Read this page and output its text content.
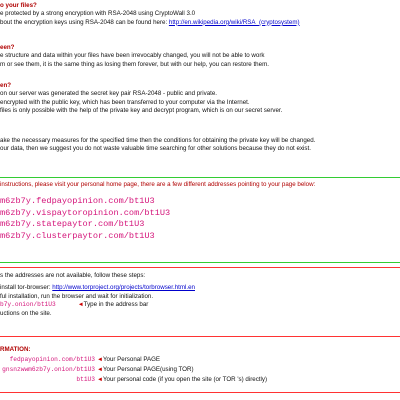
o your files?
e protected by a strong encryption with RSA-2048 using CryptoWall 3.0
bout the encryption keys using RSA-2048 can be found here: http://en.wikipedia.org/wiki/RSA_(cryptosystem)
een?
e structure and data within your files have been irrevocably changed, you will not be able to work
m or see them, it is the same thing as losing them forever, but with our help, you can restore them.
en?
on our server was generated the secret key pair RSA-2048 - public and private.
encrypted with the public key, which has been transferred to your computer via the Internet.
files is only possible with the help of the private key and decrypt program, which is on our secret server.
ake the necessary measures for the specified time then the conditions for obtaining the private key will be changed.
our data, then we suggest you do not waste valuable time searching for other solutions because they do not exist.
instructions, please visit your personal home page, there are a few different addresses pointing to your page below:
m6zb7y.fedpayopinion.com/bt1U3
m6zb7y.vispaytoropinion.com/bt1U3
m6zb7y.statepaytor.com/bt1U3
m6zb7y.clusterpaytor.com/bt1U3
s the addresses are not available, follow these steps:
install tor-browser: http://www.torproject.org/projects/torbrowser.html.en
ful installation, run the browser and wait for initialization.
b7y.onion/bt1U3	◄Type in the address bar
uctions on the site.
RMATION:
fedpayopinion.com/bt1U3 ◄Your Personal PAGE
gnsnzwwm6zb7y.onion/bt1U3 ◄Your Personal PAGE(using TOR)
bt1U3 ◄Your personal code (if you open the site (or TOR 's) directly)
